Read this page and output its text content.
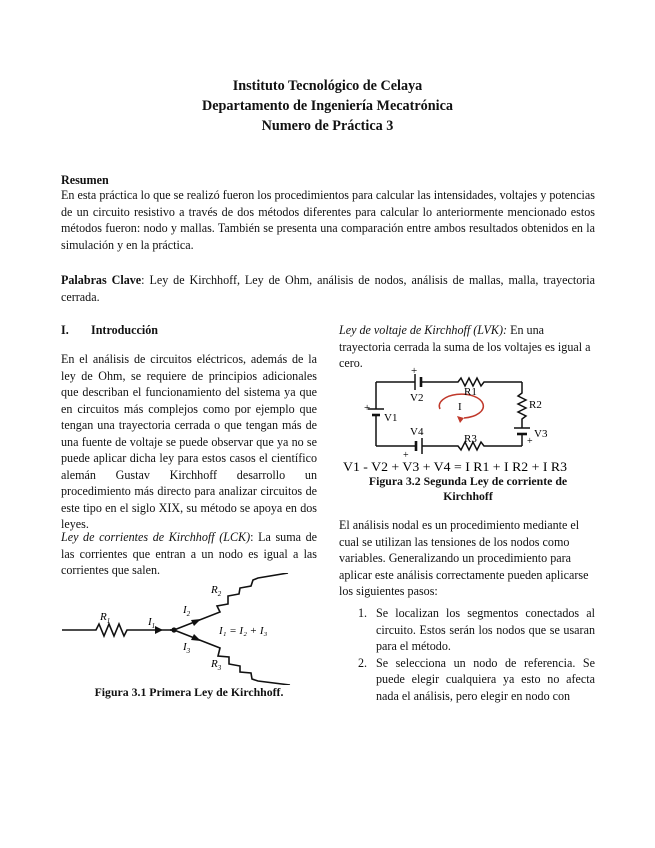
Instituto Tecnológico de Celaya
Departamento de Ingeniería Mecatrónica
Numero de Práctica 3
Resumen
En esta práctica lo que se realizó fueron los procedimientos para calcular las intensidades, voltajes y potencias de un circuito resistivo a través de dos métodos diferentes para calcular lo anteriormente mencionado estos métodos fueron: nodo y mallas. También se presenta una comparación entre ambos resultados obtenidos en la simulación y en la práctica.
Palabras Clave: Ley de Kirchhoff, Ley de Ohm, análisis de nodos, análisis de mallas, malla, trayectoria cerrada.
I. Introducción
En el análisis de circuitos eléctricos, además de la ley de Ohm, se requiere de principios adicionales que describan el funcionamiento del sistema ya que en circuitos más complejos como por ejemplo que tengan una trayectoria cerrada o que tengan más de una fuente de voltaje se puede observar que ya no se puede aplicar dicha ley para estos casos el científico alemán Gustav Kirchhoff desarrollo un procedimiento más directo para analizar circuitos de este tipo en el siglo XIX, su método se apoya en dos leyes.
Ley de corrientes de Kirchhoff (LCK): La suma de las corrientes que entran a un nodo es igual a las corrientes que salen.
$R_1$	$I_1$
$I_2$
$I_3$
$R_2$
$R_3$
I₁ = I₂ + I₃
Figura 3.1 Primera Ley de Kirchhoff.
Ley de voltaje de Kirchhoff (LVK): En una trayectoria cerrada la suma de los voltajes es igual a cero.
I
+
V2	R1
+
V1
R2
V3
+
V4
+
R3
V1 - V2 + V3 + V4 = I R1 + I R2 + I R3
Figura 3.2 Segunda Ley de corriente de
Kirchhoff
El análisis nodal es un procedimiento mediante el cual se utilizan las tensiones de los nodos como variables. Generalizando un procedimiento para aplicar este análisis correctamente pueden aplicarse los siguientes pasos:
1. Se localizan los segmentos conectados al circuito. Estos serán los nodos que se usaran para el método.
2. Se selecciona un nodo de referencia. Se puede elegir cualquiera ya esto no afecta nada el análisis, pero elegir en nodo con
